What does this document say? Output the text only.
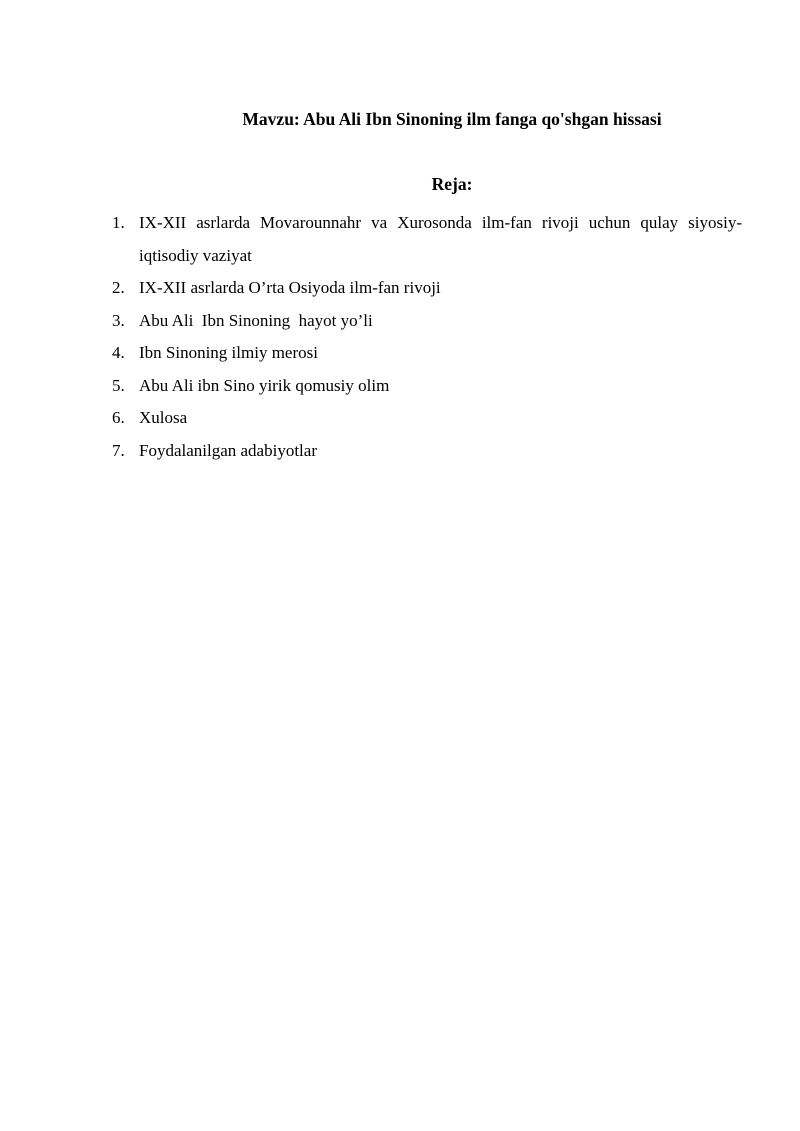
Mavzu: Abu Ali Ibn Sinoning ilm fanga qo'shgan hissasi
Reja:
1. IX-XII asrlarda Movarounnahr va Xurosonda ilm-fan rivoji uchun qulay siyosiy-iqtisodiy vaziyat
2. IX-XII asrlarda O’rta Osiyoda ilm-fan rivoji
3. Abu Ali  Ibn Sinoning  hayot yo’li
4. Ibn Sinoning ilmiy merosi
5. Abu Ali ibn Sino yirik qomusiy olim
6. Xulosa
7. Foydalanilgan adabiyotlar
